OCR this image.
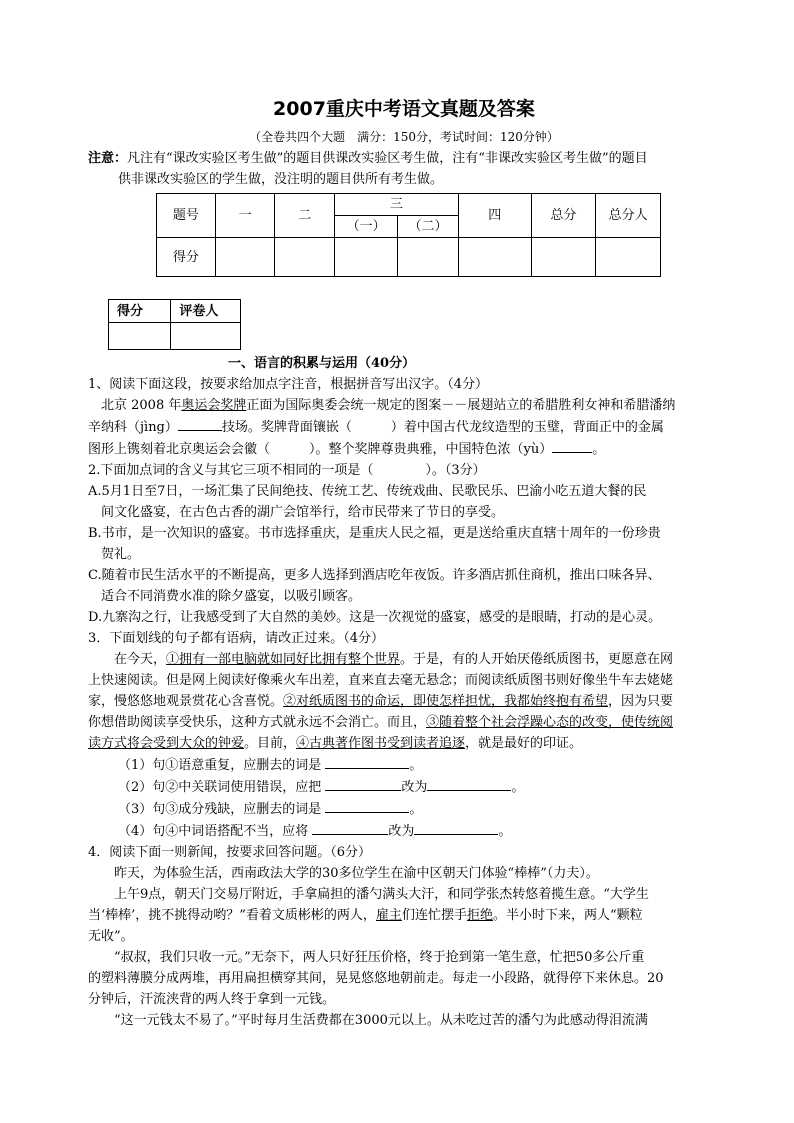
2007重庆中考语文真题及答案
（全卷共四个大题　满分：150分，考试时间：120分钟）

注意：凡注有“课改实验区考生做”的题目供课改实验区考生做，注有“非课改实验区考生做”的题目

供非课改实验区的学生做，没注明的题目供所有考生做。

题号	一	二	三		四	总分	总分人
			（一）	（二）			
得分							
得分	评卷人

一、语言的积累与运用（40分）

1、阅读下面这段，按要求给加点字注音，根据拼音写出汉字。（4分）

北京 2008 年奥运会奖牌正面为国际奥委会统一规定的图案－－展翅站立的希腊胜利女神和希腊潘纳

辛纳科（jìng）	技场。奖牌背面镶嵌（　　　）着中国古代龙纹造型的玉璧，背面正中的金属

图形上镌刻着北京奥运会会徽（　　　）。整个奖牌尊贵典雅，中国特色浓（yù）	。

2.下面加点词的含义与其它三项不相同的一项是（　　　　）。（3分）

A.5月1日至7日，一场汇集了民间绝技、传统工艺、传统戏曲、民歌民乐、巴渝小吃五道大餐的民

间文化盛宴，在古色古香的湖广会馆举行，给市民带来了节日的享受。

B.书市，是一次知识的盛宴。书市选择重庆，是重庆人民之福，更是送给重庆直辖十周年的一份珍贵

贺礼。

C.随着市民生活水平的不断提高，更多人选择到酒店吃年夜饭。许多酒店抓住商机，推出口味各异、

适合不同消费水准的除夕盛宴，以吸引顾客。

D.九寨沟之行，让我感受到了大自然的美妙。这是一次视觉的盛宴，感受的是眼睛，打动的是心灵。

3．下面划线的句子都有语病，请改正过来。（4分）

在今天，①拥有一部电脑就如同好比拥有整个世界。于是，有的人开始厌倦纸质图书，更愿意在网

上快速阅读。但是网上阅读好像乘火车出差，直来直去毫无悬念；而阅读纸质图书则好像坐牛车去姥姥

家，慢悠悠地观景赏花心含喜悦。②对纸质图书的命运，即使怎样担忧，我都始终抱有希望，因为只要

你想借助阅读享受快乐，这种方式就永远不会消亡。而且，③随着整个社会浮躁心态的改变，使传统阅

读方式将会受到大众的钟爱。目前，④古典著作图书受到读者追逐，就是最好的印证。

（1）句①语意重复，应删去的词是	。

（2）句②中关联词使用错误，应把	改为	。

（3）句③成分残缺，应删去的词是	。

（4）句④中词语搭配不当，应将	改为	。

4．阅读下面一则新闻，按要求回答问题。（6分）

昨天，为体验生活，西南政法大学的30多位学生在渝中区朝天门体验“棒棒”（力夫）。

上午9点，朝天门交易厅附近，手拿扁担的潘勺满头大汗，和同学张杰转悠着揽生意。“大学生

当‘棒棒’，挑不挑得动哟？”看着文质彬彬的两人，雇主们连忙摆手拒绝。半小时下来，两人“颗粒

无收”。

“叔叔，我们只收一元。”无奈下，两人只好狂压价格，终于抢到第一笔生意，忙把50多公斤重

的塑料薄膜分成两堆，再用扁担横穿其间，晃晃悠悠地朝前走。每走一小段路，就得停下来休息。20

分钟后，汗流浃背的两人终于拿到一元钱。

“这一元钱太不易了。”平时每月生活费都在3000元以上。从未吃过苦的潘勺为此感动得泪流满
